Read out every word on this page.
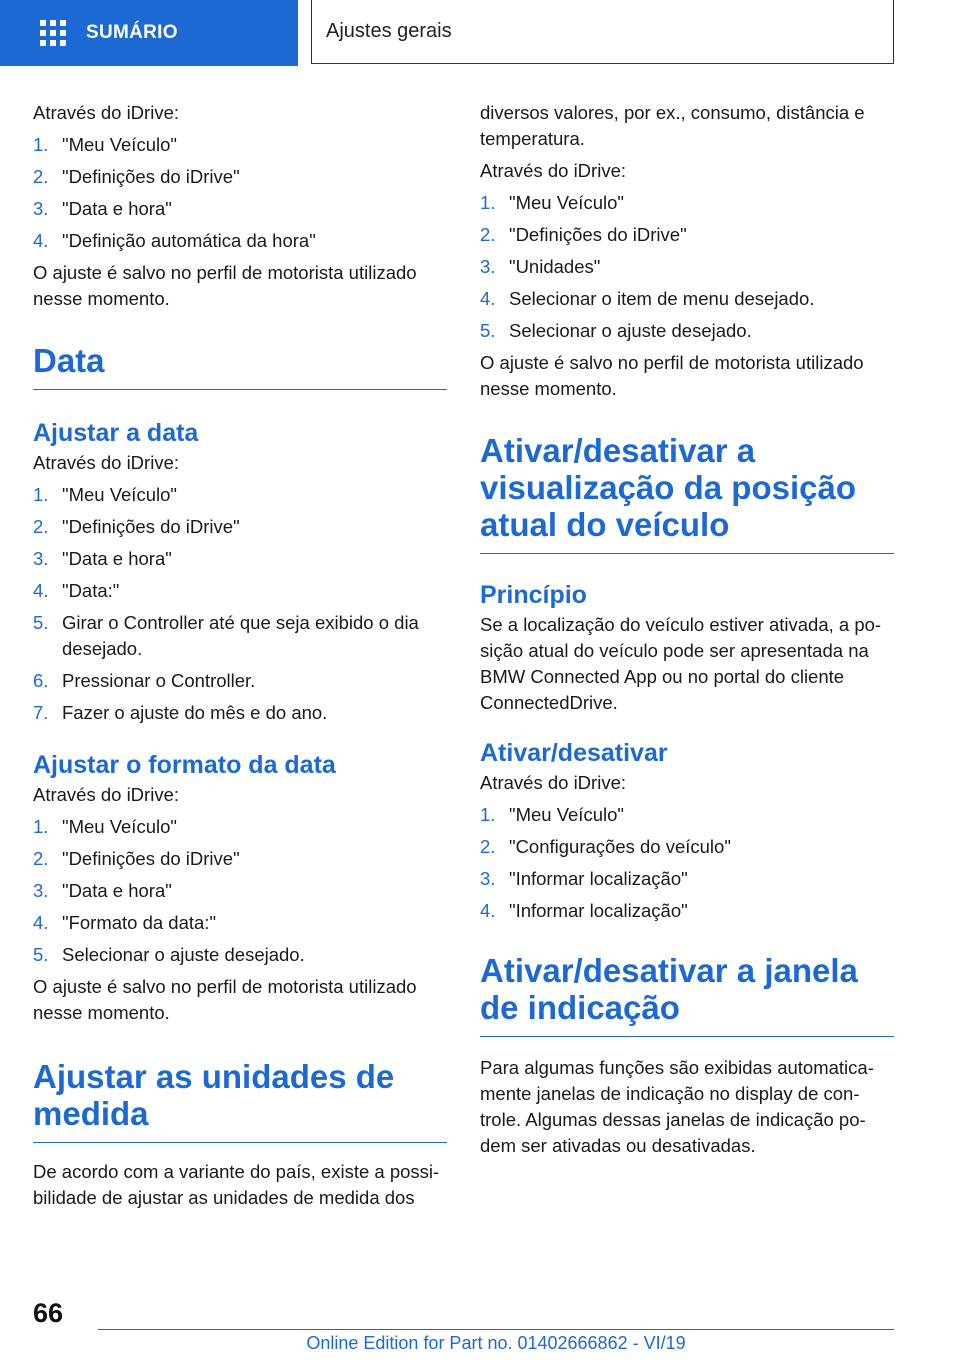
SUMÁRIO	Ajustes gerais

Através do iDrive:

1. "Meu Veículo"
2. "Definições do iDrive"
3. "Data e hora"
4. "Definição automática da hora"

O ajuste é salvo no perfil de motorista utilizado nesse momento.

Data
Ajustar a data

Através do iDrive:

1. "Meu Veículo"
2. "Definições do iDrive"
3. "Data e hora"
4. "Data:"
5. Girar o Controller até que seja exibido o dia desejado.
6. Pressionar o Controller.
7. Fazer o ajuste do mês e do ano.
Ajustar o formato da data

Através do iDrive:

1. "Meu Veículo"
2. "Definições do iDrive"
3. "Data e hora"
4. "Formato da data:"
5. Selecionar o ajuste desejado.

O ajuste é salvo no perfil de motorista utilizado nesse momento.

Ajustar as unidades de medida

De acordo com a variante do país, existe a possi-bilidade de ajustar as unidades de medida dos

diversos valores, por ex., consumo, distância e temperatura.

Através do iDrive:

1. "Meu Veículo"
2. "Definições do iDrive"
3. "Unidades"
4. Selecionar o item de menu desejado.
5. Selecionar o ajuste desejado.

O ajuste é salvo no perfil de motorista utilizado nesse momento.

Ativar/desativar a visualização da posição atual do veículo
Princípio

Se a localização do veículo estiver ativada, a po-sição atual do veículo pode ser apresentada na BMW Connected App ou no portal do cliente ConnectedDrive.

Ativar/desativar

Através do iDrive:

1. "Meu Veículo"
2. "Configurações do veículo"
3. "Informar localização"
4. "Informar localização"
Ativar/desativar a janela de indicação

Para algumas funções são exibidas automatica-mente janelas de indicação no display de con-trole. Algumas dessas janelas de indicação po-dem ser ativadas ou desativadas.

66
Online Edition for Part no. 01402666862 - VI/19
